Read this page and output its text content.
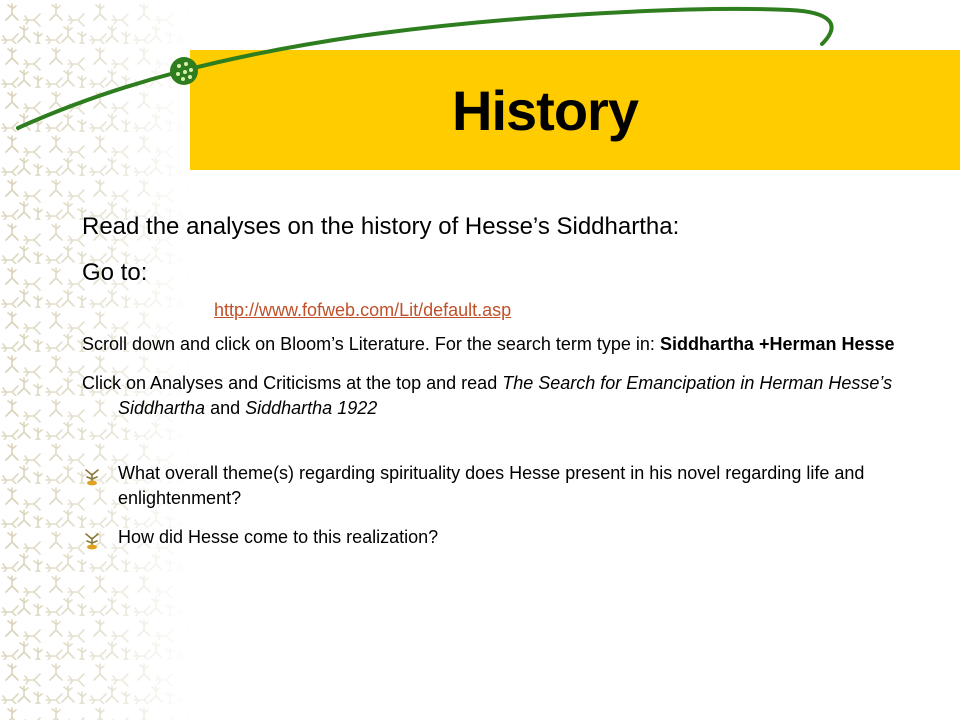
History
Read the analyses on the history of Hesse’s Siddhartha:
Go to:
http://www.fofweb.com/Lit/default.asp

Scroll down and click on Bloom’s Literature. For the search term type in: Siddhartha +Herman Hesse

Click on Analyses and Criticisms at the top and read The Search for Emancipation in Herman Hesse’s Siddhartha and Siddhartha 1922

What overall theme(s) regarding spirituality does Hesse present in his novel regarding life and enlightenment?
How did Hesse come to this realization?
